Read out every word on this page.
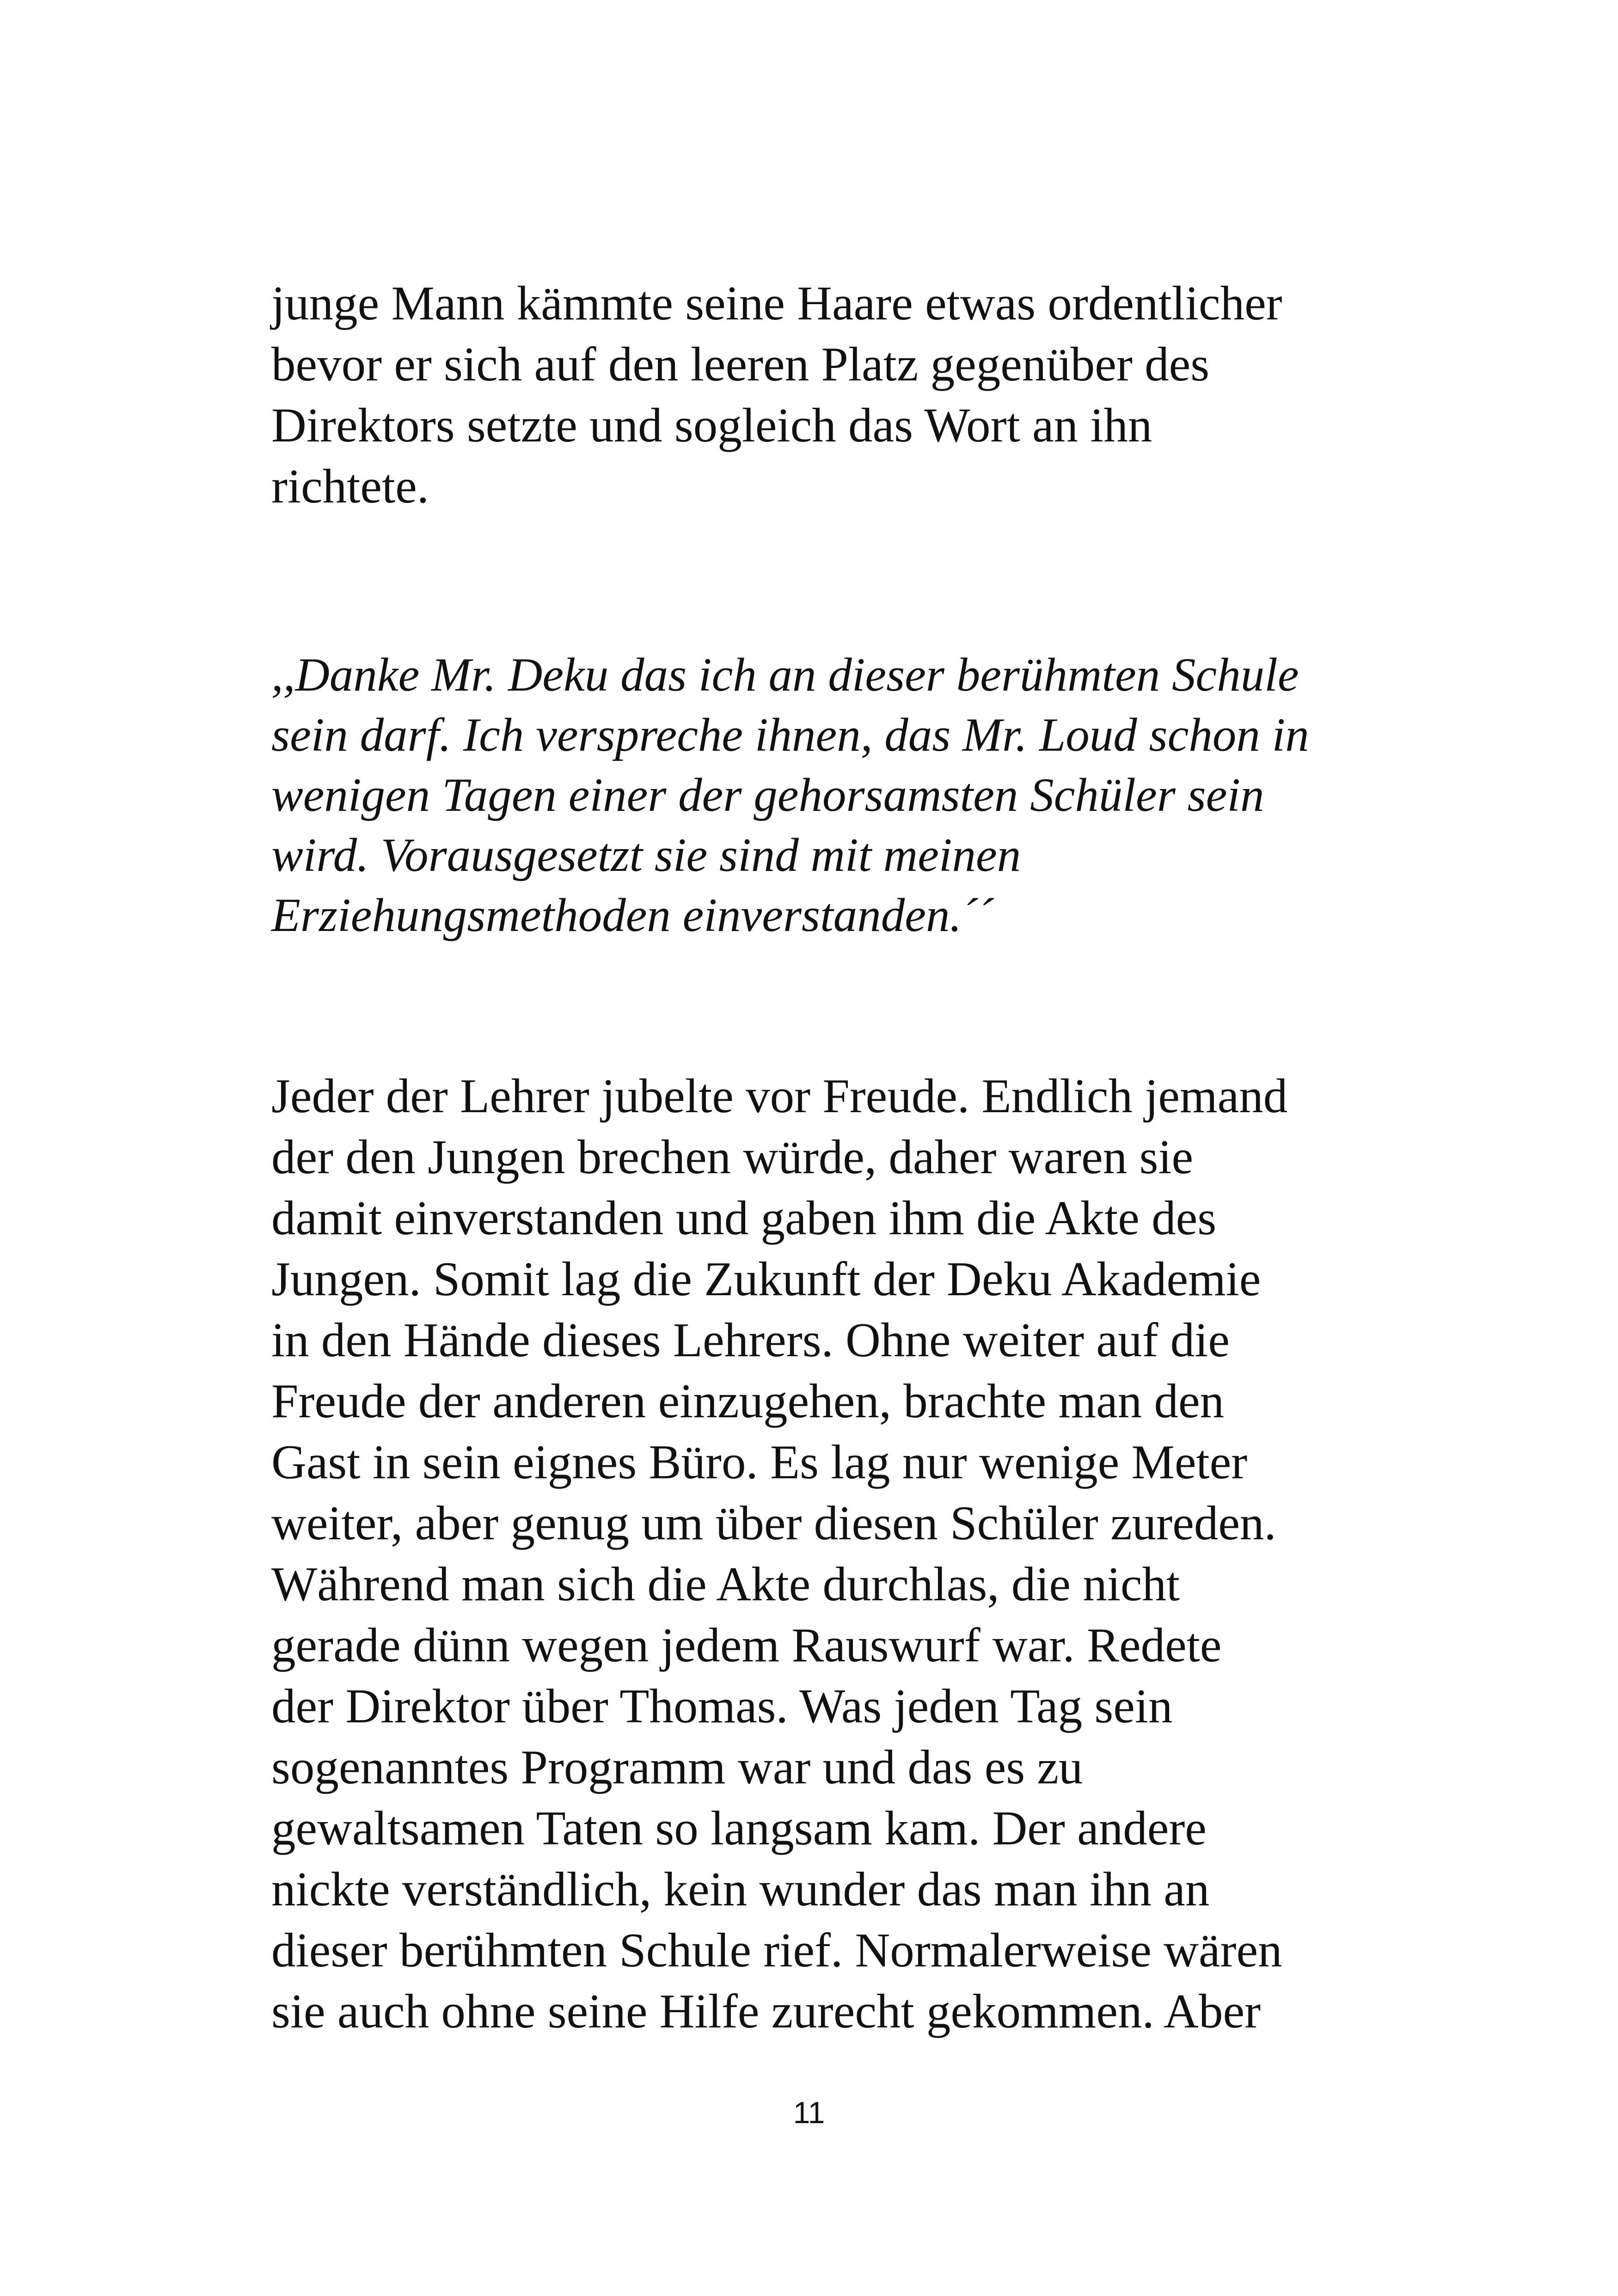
junge Mann kämmte seine Haare etwas ordentlicher
bevor er sich auf den leeren Platz gegenüber des
Direktors setzte und sogleich das Wort an ihn
richtete.
,,Danke Mr. Deku das ich an dieser berühmten Schule
sein darf. Ich verspreche ihnen, das Mr. Loud schon in
wenigen Tagen einer der gehorsamsten Schüler sein
wird. Vorausgesetzt sie sind mit meinen
Erziehungsmethoden einverstanden.´´
Jeder der Lehrer jubelte vor Freude. Endlich jemand
der den Jungen brechen würde, daher waren sie
damit einverstanden und gaben ihm die Akte des
Jungen. Somit lag die Zukunft der Deku Akademie
in den Hände dieses Lehrers. Ohne weiter auf die
Freude der anderen einzugehen, brachte man den
Gast in sein eignes Büro. Es lag nur wenige Meter
weiter, aber genug um über diesen Schüler zureden.
Während man sich die Akte durchlas, die nicht
gerade dünn wegen jedem Rauswurf war. Redete
der Direktor über Thomas. Was jeden Tag sein
sogenanntes Programm war und das es zu
gewaltsamen Taten so langsam kam. Der andere
nickte verständlich, kein wunder das man ihn an
dieser berühmten Schule rief. Normalerweise wären
sie auch ohne seine Hilfe zurecht gekommen. Aber
11
